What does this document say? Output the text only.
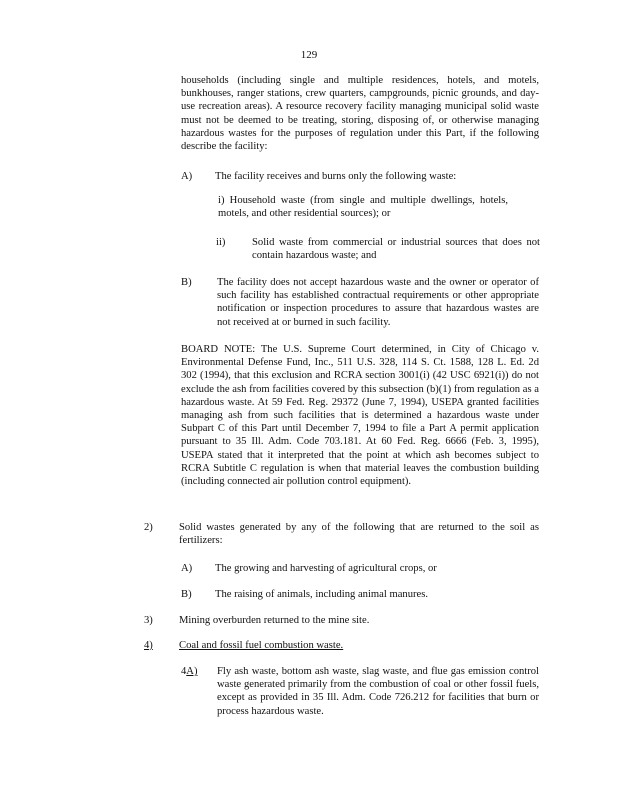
129
households (including single and multiple residences, hotels, and motels, bunkhouses, ranger stations, crew quarters, campgrounds, picnic grounds, and day-use recreation areas). A resource recovery facility managing municipal solid waste must not be deemed to be treating, storing, disposing of, or otherwise managing hazardous wastes for the purposes of regulation under this Part, if the following describe the facility:
A) The facility receives and burns only the following waste:
i) Household waste (from single and multiple dwellings, hotels, motels, and other residential sources); or
ii)	Solid waste from commercial or industrial sources that does not contain hazardous waste; and
B) The facility does not accept hazardous waste and the owner or operator of such facility has established contractual requirements or other appropriate notification or inspection procedures to assure that hazardous wastes are not received at or burned in such facility.
BOARD NOTE: The U.S. Supreme Court determined, in City of Chicago v. Environmental Defense Fund, Inc., 511 U.S. 328, 114 S. Ct. 1588, 128 L. Ed. 2d 302 (1994), that this exclusion and RCRA section 3001(i) (42 USC 6921(i)) do not exclude the ash from facilities covered by this subsection (b)(1) from regulation as a hazardous waste. At 59 Fed. Reg. 29372 (June 7, 1994), USEPA granted facilities managing ash from such facilities that is determined a hazardous waste under Subpart C of this Part until December 7, 1994 to file a Part A permit application pursuant to 35 Ill. Adm. Code 703.181. At 60 Fed. Reg. 6666 (Feb. 3, 1995), USEPA stated that it interpreted that the point at which ash becomes subject to RCRA Subtitle C regulation is when that material leaves the combustion building (including connected air pollution control equipment).
2) Solid wastes generated by any of the following that are returned to the soil as fertilizers:
A) The growing and harvesting of agricultural crops, or
B) The raising of animals, including animal manures.
3) Mining overburden returned to the mine site.
4) Coal and fossil fuel combustion waste.
4A) Fly ash waste, bottom ash waste, slag waste, and flue gas emission control waste generated primarily from the combustion of coal or other fossil fuels, except as provided in 35 Ill. Adm. Code 726.212 for facilities that burn or process hazardous waste.
